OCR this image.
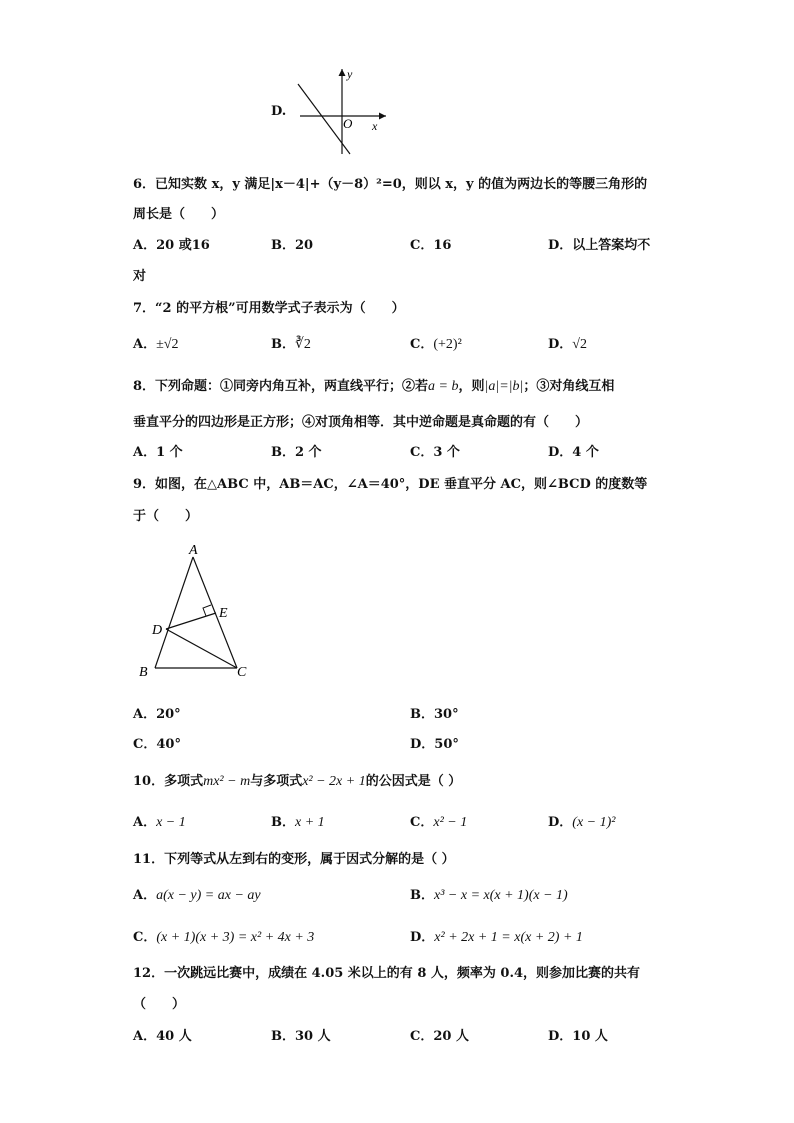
D.
y
x
O
6．已知实数 x，y 满足|x－4|+（y－8）²=0，则以 x，y 的值为两边长的等腰三角形的
周长是（　　）
A．20 或16	B．20	C．16	D．以上答案均不
对
7．“2 的平方根”可用数学式子表示为（　　）
A．±√2	B．∛2	C．(+2)²	D．√2
8．下列命题：①同旁内角互补，两直线平行；②若a = b，则|a|=|b|；③对角线互相
垂直平分的四边形是正方形；④对顶角相等．其中逆命题是真命题的有（　　）
A．1 个	B．2 个	C．3 个	D．4 个
9．如图，在△ABC 中，AB＝AC，∠A＝40°，DE 垂直平分 AC，则∠BCD 的度数等
于（　　）
A
B	C
D
E
A．20°	B．30°
C．40°	D．50°
10．多项式mx² − m与多项式x² − 2x + 1的公因式是（ ）
A．x − 1	B．x + 1	C．x² − 1	D．(x − 1)²
11．下列等式从左到右的变形，属于因式分解的是（ ）
A．a(x − y) = ax − ay	B．x³ − x = x(x + 1)(x − 1)
C．(x + 1)(x + 3) = x² + 4x + 3	D．x² + 2x + 1 = x(x + 2) + 1
12．一次跳远比赛中，成绩在 4.05 米以上的有 8 人，频率为 0.4，则参加比赛的共有
（　　）
A．40 人	B．30 人	C．20 人	D．10 人
